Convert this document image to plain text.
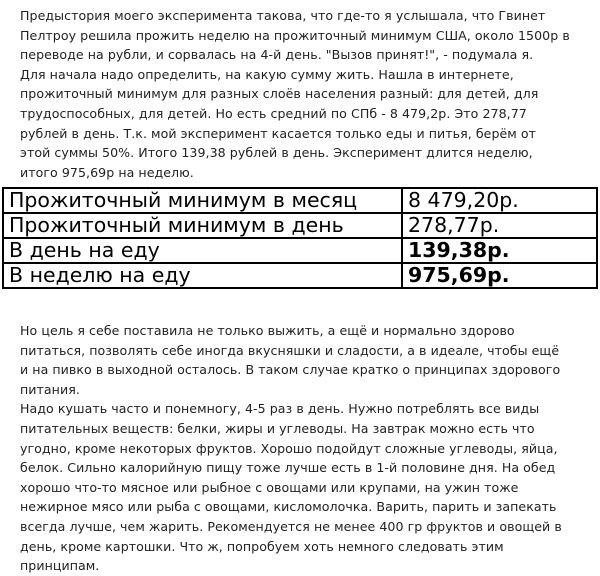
Предыстория моего эксперимента такова, что где-то я услышала, что Гвинет
Пелтроу решила прожить неделю на прожиточный минимум США, около 1500р в
переводе на рубли, и сорвалась на 4-й день. "Вызов принят!", - подумала я.
Для начала надо определить, на какую сумму жить. Нашла в интернете,
прожиточный минимум для разных слоёв населения разный: для детей, для
трудоспособных, для детей. Но есть средний по СПб - 8 479,2р. Это 278,77
рублей в день. Т.к. мой эксперимент касается только еды и питья, берём от
этой суммы 50%. Итого 139,38 рублей в день. Эксперимент длится неделю,
итого 975,69р на неделю.
Прожиточный минимум в месяц	8 479,20р.
Прожиточный минимум в день	278,77р.
В день на еду	139,38р.
В неделю на еду	975,69р.
Но цель я себе поставила не только выжить, а ещё и нормально здорово
питаться, позволять себе иногда вкусняшки и сладости, а в идеале, чтобы ещё
и на пивко в выходной осталось. В таком случае кратко о принципах здорового
питания.
Надо кушать часто и понемногу, 4-5 раз в день. Нужно потреблять все виды
питательных веществ: белки, жиры и углеводы. На завтрак можно есть что
угодно, кроме некоторых фруктов. Хорошо подойдут сложные углеводы, яйца,
белок. Сильно калорийную пищу тоже лучше есть в 1-й половине дня. На обед
хорошо что-то мясное или рыбное с овощами или крупами, на ужин тоже
нежирное мясо или рыба с овощами, кисломолочка. Варить, парить и запекать
всегда лучше, чем жарить. Рекомендуется не менее 400 гр фруктов и овощей в
день, кроме картошки. Что ж, попробуем хоть немного следовать этим
принципам.
